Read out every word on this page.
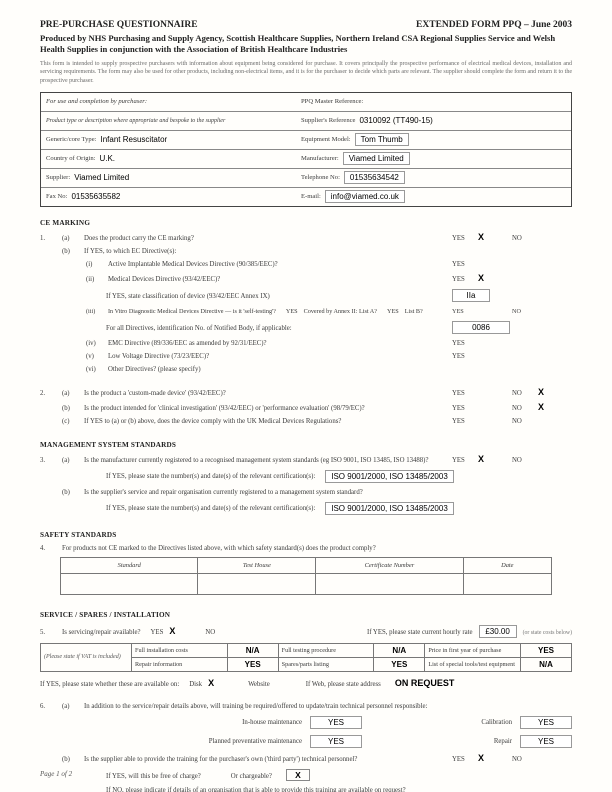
PRE-PURCHASE QUESTIONNAIRE	EXTENDED FORM PPQ – June 2003
Produced by NHS Purchasing and Supply Agency, Scottish Healthcare Supplies, Northern Ireland CSA Regional Supplies Service and Welsh Health Supplies in conjunction with the Association of British Healthcare Industries
This form is intended to supply prospective purchasers with information about equipment being considered for purchase. It covers principally the prospective performance of electrical medical devices, installation and servicing requirements. The form may also be used for other products, including non-electrical items, and it is for the purchaser to decide which parts are relevant. The supplier should complete the form and return it to the prospective purchaser.
For use and completion by purchaser:	PPQ Master Reference:
Product type or description where appropriate and bespoke to the supplier	Supplier's Reference 0310092 (TT490-15)
Generic/core Type: Infant Resuscitator	Equipment Model:	Tom Thumb
Country of Origin: U.K.	Manufacturer:	Viamed Limited
Supplier: Viamed Limited	Telephone No:	01535634542
Fax No: 01535635582	E-mail:	info@viamed.co.uk
CE MARKING
1.	(a)	Does the product carry the CE marking?	YES	X	NO
(b)	If YES, to which EC Directive(s):
(i)	Active Implantable Medical Devices Directive (90/385/EEC)?	YES
(ii)	Medical Devices Directive (93/42/EEC)?	YES	X
If YES, state classification of device (93/42/EEC Annex IX)	IIa
(iii)	In Vitro Diagnostic Medical Devices Directive — is it 'self-testing'? YES Covered by Annex II: List A? YES List B?	YES	NO
For all Directives, identification No. of Notified Body, if applicable:	0086
(iv)	EMC Directive (89/336/EEC as amended by 92/31/EEC)?	YES
(v)	Low Voltage Directive (73/23/EEC)?	YES
(vi)	Other Directives? (please specify)
2.	(a)	Is the product a 'custom-made device' (93/42/EEC)?	YES	NO	X
(b)	Is the product intended for 'clinical investigation' (93/42/EEC) or 'performance evaluation' (98/79/EC)?	YES	NO	X
(c)	If YES to (a) or (b) above, does the device comply with the UK Medical Devices Regulations?	YES	NO
MANAGEMENT SYSTEM STANDARDS
3.	(a)	Is the manufacturer currently registered to a recognised management system standards (eg ISO 9001, ISO 13485, ISO 13488)?	YES	X	NO
If YES, please state the number(s) and date(s) of the relevant certification(s):	ISO 9001/2000, ISO 13485/2003
(b)	Is the supplier's service and repair organisation currently registered to a management system standard?
If YES, please state the number(s) and date(s) of the relevant certification(s):	ISO 9001/2000, ISO 13485/2003
SAFETY STANDARDS
4.	For products not CE marked to the Directives listed above, with which safety standard(s) does the product comply?
Standard	Test House	Certificate Number	Date

SERVICE / SPARES / INSTALLATION
5.	Is servicing/repair available? YES X	NO	If YES, please state current hourly rate	£30.00	(or state costs below)
(Please state if VAT is included)	Full installation costs	N/A	Full testing procedure	N/A	Price in first year of purchase	YES
	Repair information	YES	Spares/parts listing	YES	List of special tools/test equipment	N/A
If YES, please state whether these are available on: Disk X	Website	If Web, please state address ON REQUEST
6.	(a)	In addition to the service/repair details above, will training be required/offered to update/train technical personnel responsible:
In-house maintenance	YES	Calibration	YES
Planned preventative maintenance	YES	Repair	YES
(b)	Is the supplier able to provide the training for the purchaser's own ('third party') technical personnel?	YES	X	NO
If YES, will this be free of charge?	Or chargeable?	X
If NO, please indicate if details of an organisation that is able to provide this training are available on request?
Page 1 of 2
